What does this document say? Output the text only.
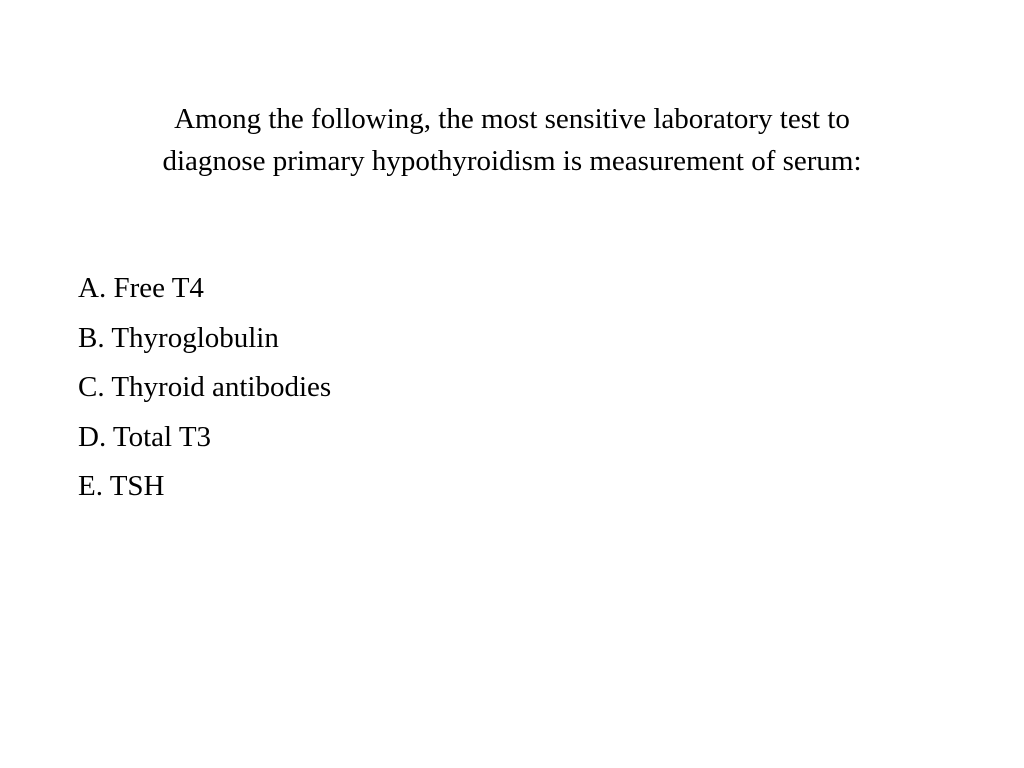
Among the following, the most sensitive laboratory test to
diagnose primary hypothyroidism is measurement of serum:
A. Free T4
B. Thyroglobulin
C. Thyroid antibodies
D. Total T3
E. TSH
